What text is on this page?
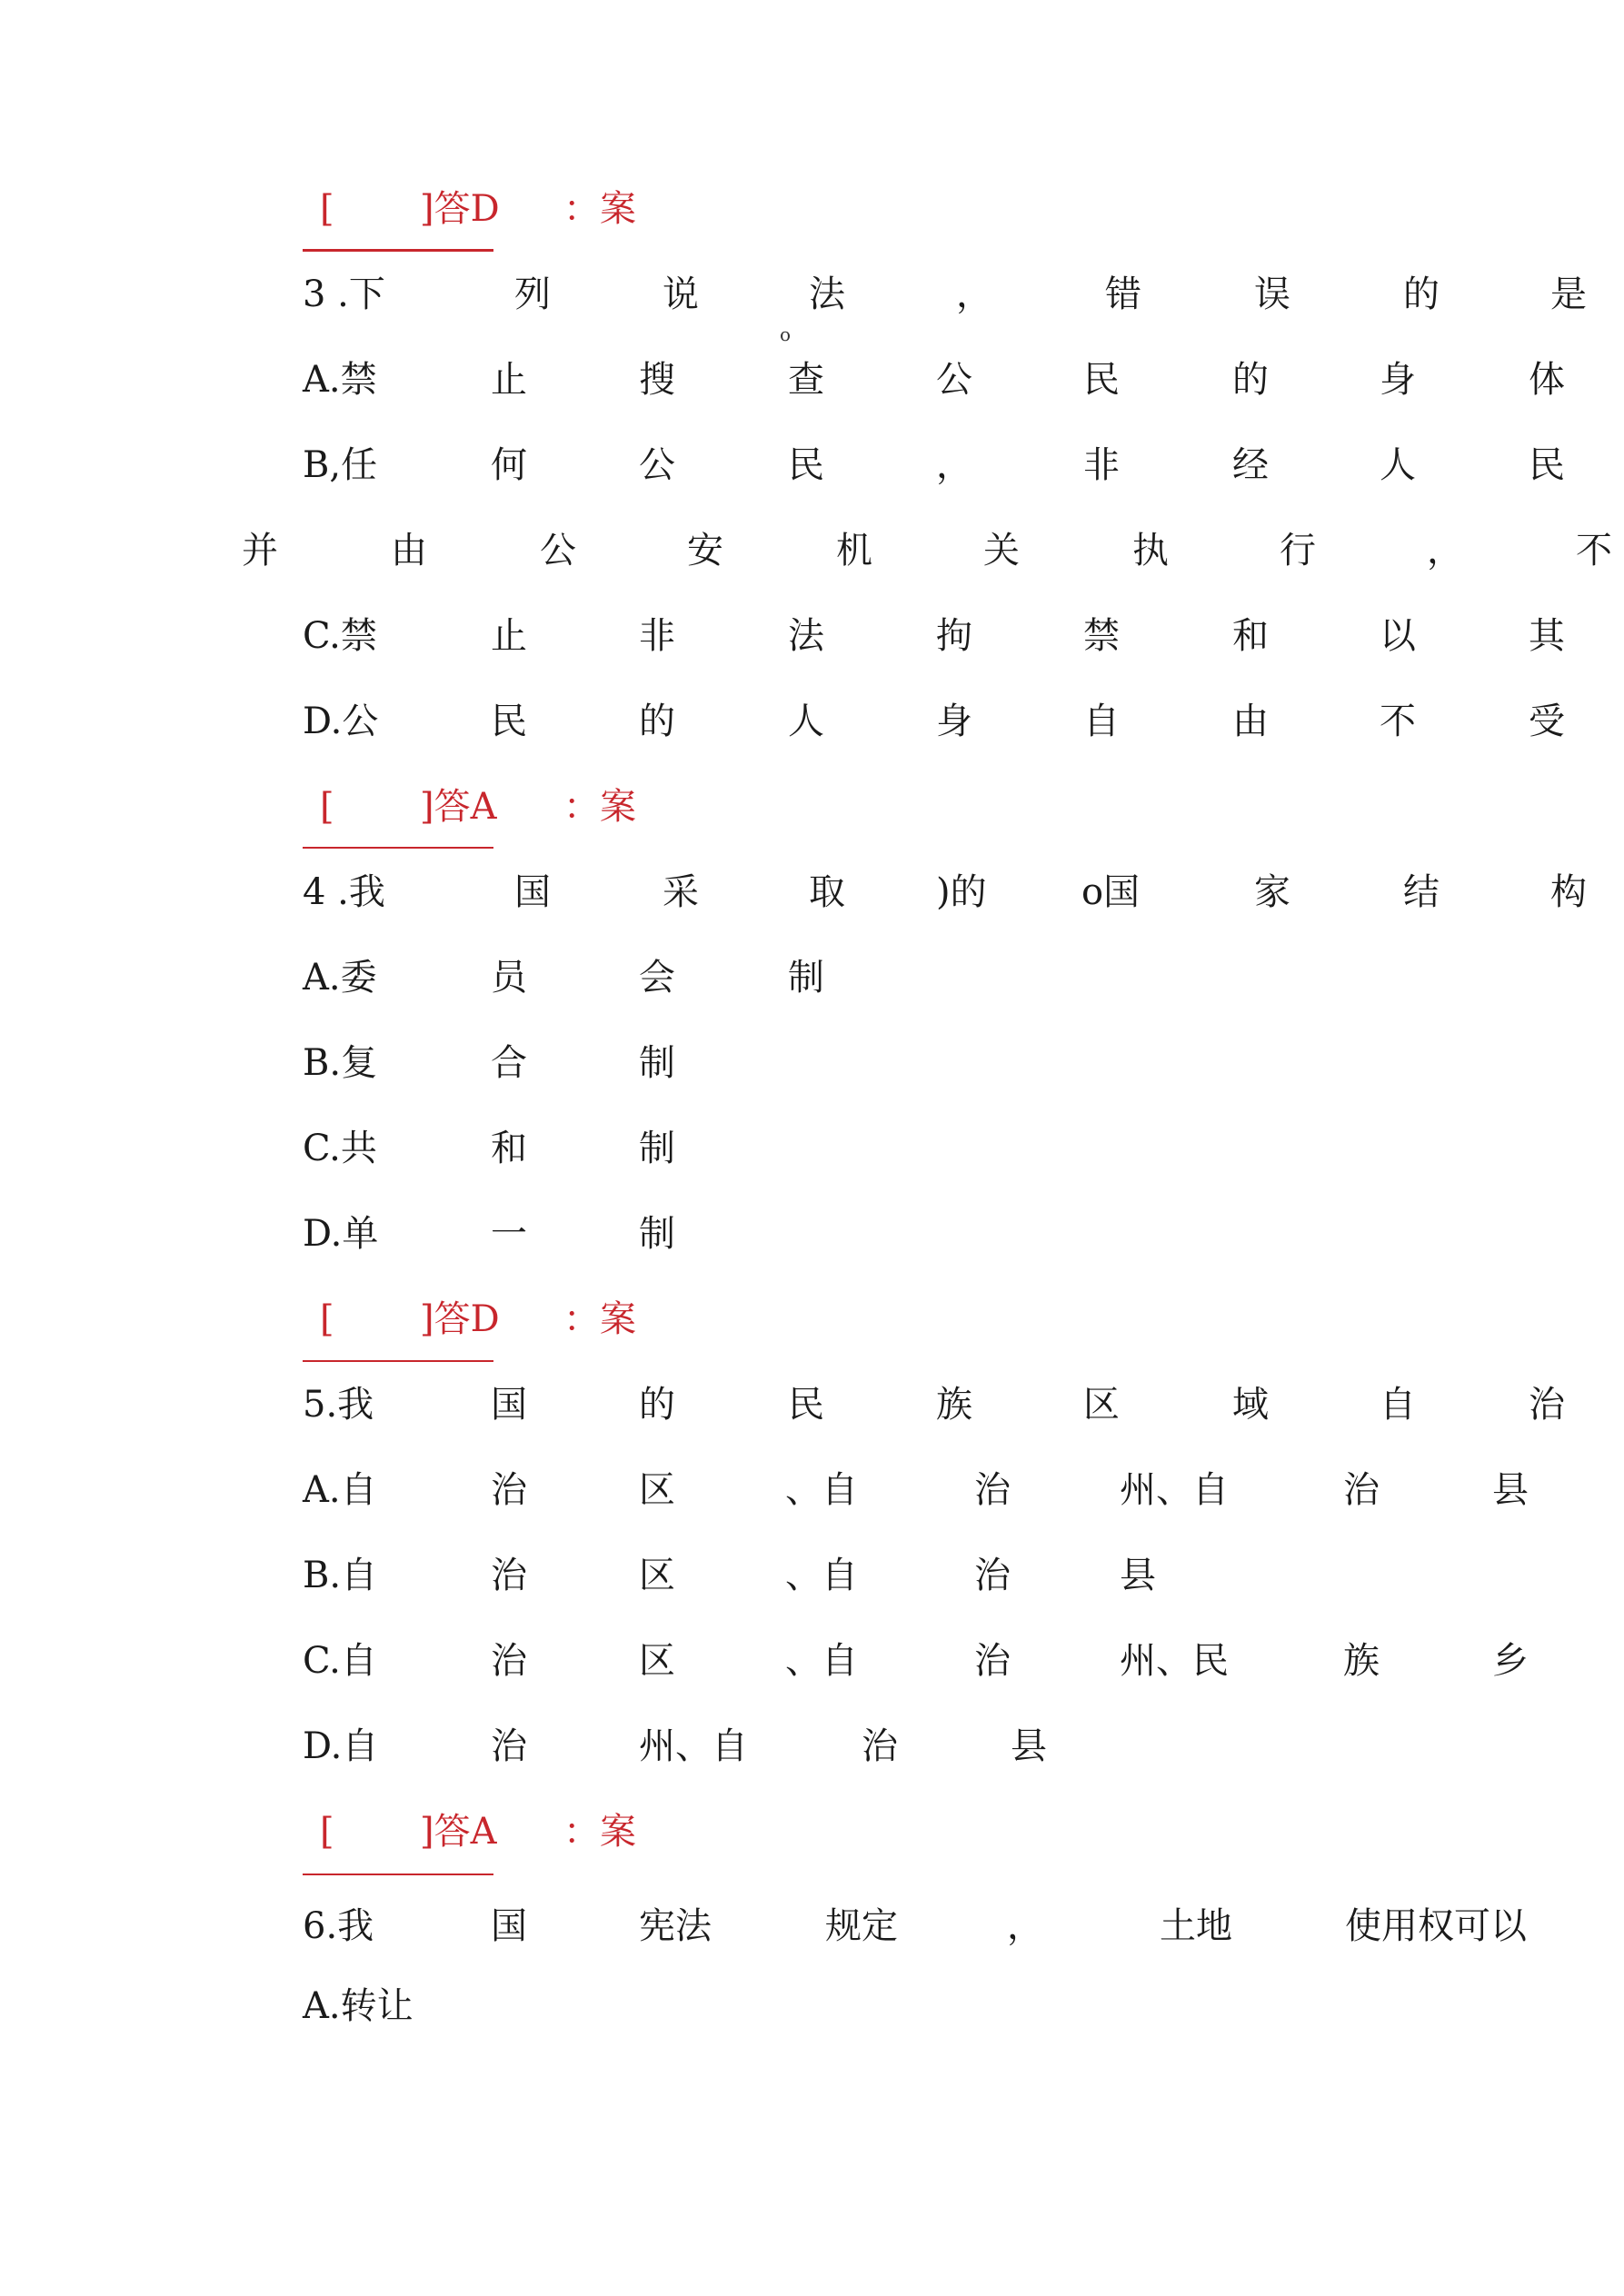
[ ]答D ：案
3 .下	列	说	法	，	错	误	的	是
o
A.禁	止	搜	查	公	民	的	身	体
B,任	何	公	民	，	非	经	人	民
并	由	公	安	机	关	执	行	，	不
C.禁	止	非	法	拘	禁	和	以	其
D.公	民	的	人	身	自	由	不	受
[ ]答A ：案
4 .我	国	采	取	)的	o国	家	结	构
A.委	员	会	制
B.复	合	制
C.共	和	制
D.单	一	制
[ ]答D ：案
5.我	国	的	民	族	区	域	自	治
A.自	治	区	、自	治	州、自	治	县
B.自	治	区	、自	治	县
C.自	治	区	、自	治	州、民	族	乡
D.自	治	州、自	治	县
[ ]答A ：案
6.我	国	宪法	规定	，	土地	使用权可以
A.转让
